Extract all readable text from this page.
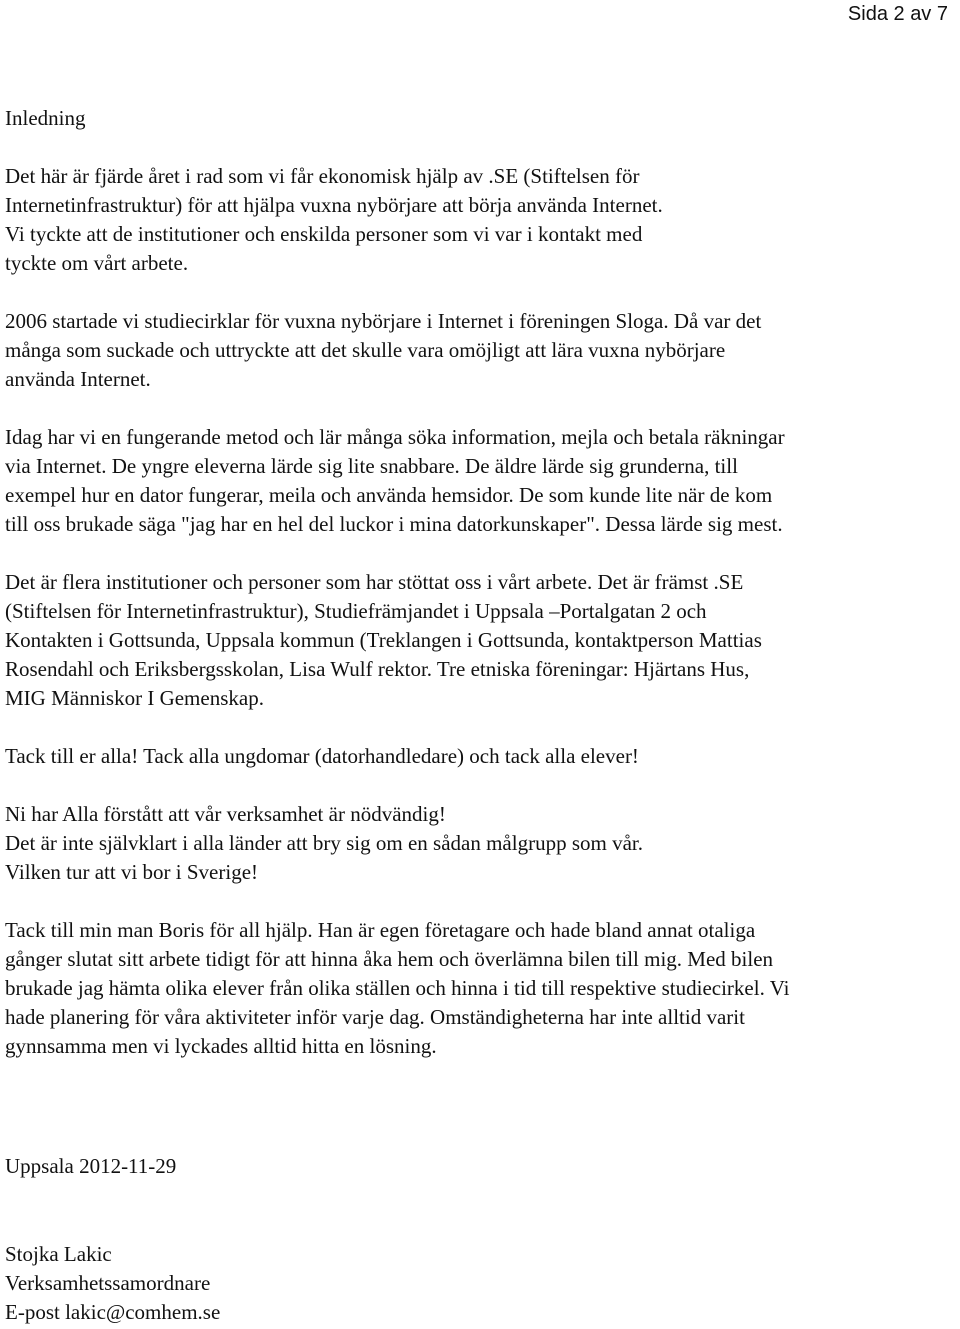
Sida 2 av 7

Inledning

Det här är fjärde året i rad som vi får ekonomisk hjälp av .SE (Stiftelsen för
Internetinfrastruktur) för att hjälpa vuxna nybörjare att börja använda Internet.
Vi tyckte att de institutioner och enskilda personer som vi var i kontakt med
tyckte om vårt arbete.

2006 startade vi studiecirklar för vuxna nybörjare i Internet i föreningen Sloga. Då var det
många som suckade och uttryckte att det skulle vara omöjligt att lära vuxna nybörjare
använda Internet.

Idag har vi en fungerande metod och lär många söka information, mejla och betala räkningar
via Internet. De yngre eleverna lärde sig lite snabbare. De äldre lärde sig grunderna, till
exempel hur en dator fungerar, meila och använda hemsidor. De som kunde lite när de kom
till oss brukade säga "jag har en hel del luckor i mina datorkunskaper". Dessa lärde sig mest.

Det är flera institutioner och personer som har stöttat oss i vårt arbete. Det är främst .SE
(Stiftelsen för Internetinfrastruktur), Studiefrämjandet i Uppsala –Portalgatan 2 och
Kontakten i Gottsunda, Uppsala kommun (Treklangen i Gottsunda, kontaktperson Mattias
Rosendahl och Eriksbergsskolan, Lisa Wulf rektor. Tre etniska föreningar: Hjärtans Hus,
MIG Människor I Gemenskap.

Tack till er alla! Tack alla ungdomar (datorhandledare) och tack alla elever!

Ni har Alla förstått att vår verksamhet är nödvändig!
Det är inte självklart i alla länder att bry sig om en sådan målgrupp som vår.
Vilken tur att vi bor i Sverige!

Tack till min man Boris för all hjälp. Han är egen företagare och hade bland annat otaliga
gånger slutat sitt arbete tidigt för att hinna åka hem och överlämna bilen till mig. Med bilen
brukade jag hämta olika elever från olika ställen och hinna i tid till respektive studiecirkel. Vi
hade planering för våra aktiviteter inför varje dag. Omständigheterna har inte alltid varit
gynnsamma men vi lyckades alltid hitta en lösning.

Uppsala 2012-11-29

Stojka Lakic

Verksamhetssamordnare

E-post lakic@comhem.se
